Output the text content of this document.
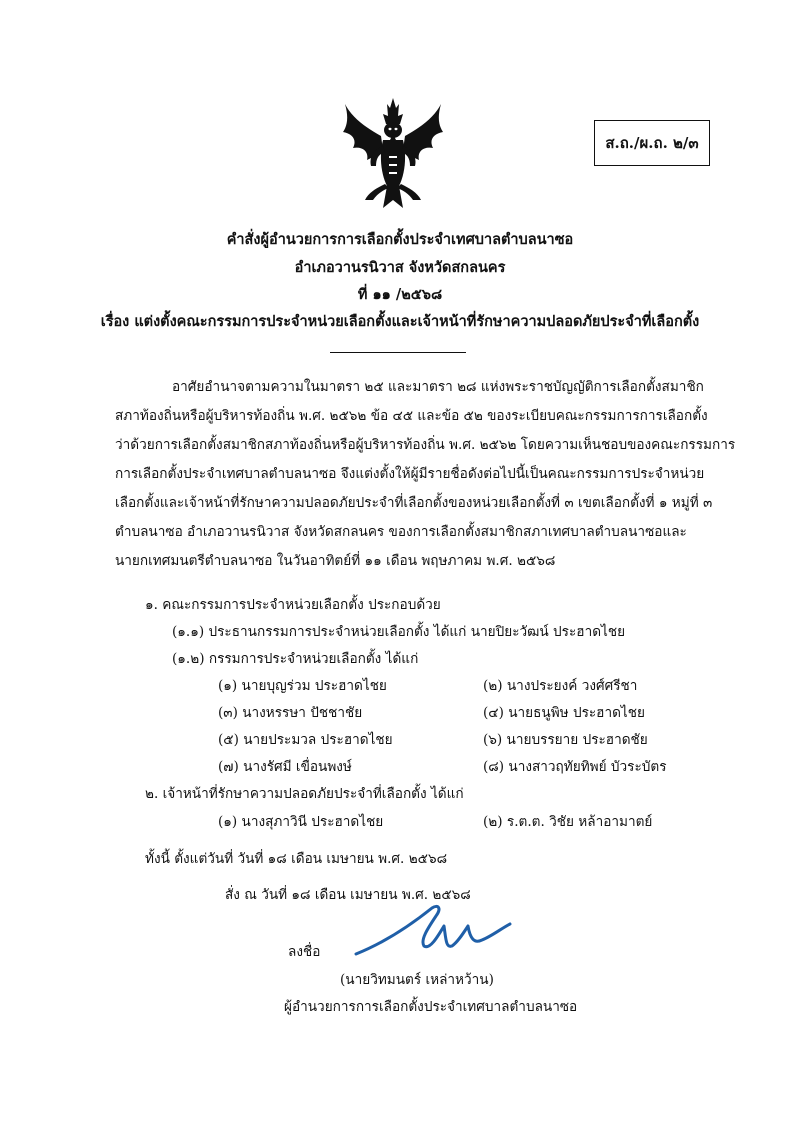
ส.ถ./ผ.ถ. ๒/๓
คำสั่งผู้อำนวยการการเลือกตั้งประจำเทศบาลตำบลนาซอ
อำเภอวานรนิวาส จังหวัดสกลนคร
ที่ ๑๑ /๒๕๖๘
เรื่อง แต่งตั้งคณะกรรมการประจำหน่วยเลือกตั้งและเจ้าหน้าที่รักษาความปลอดภัยประจำที่เลือกตั้ง
อาศัยอำนาจตามความในมาตรา ๒๕ และมาตรา ๒๘ แห่งพระราชบัญญัติการเลือกตั้งสมาชิก
สภาท้องถิ่นหรือผู้บริหารท้องถิ่น พ.ศ. ๒๕๖๒ ข้อ ๔๕ และข้อ ๕๒ ของระเบียบคณะกรรมการการเลือกตั้ง
ว่าด้วยการเลือกตั้งสมาชิกสภาท้องถิ่นหรือผู้บริหารท้องถิ่น พ.ศ. ๒๕๖๒ โดยความเห็นชอบของคณะกรรมการ
การเลือกตั้งประจำเทศบาลตำบลนาซอ จึงแต่งตั้งให้ผู้มีรายชื่อดังต่อไปนี้เป็นคณะกรรมการประจำหน่วย
เลือกตั้งและเจ้าหน้าที่รักษาความปลอดภัยประจำที่เลือกตั้งของหน่วยเลือกตั้งที่ ๓ เขตเลือกตั้งที่ ๑ หมู่ที่ ๓
ตำบลนาซอ อำเภอวานรนิวาส จังหวัดสกลนคร ของการเลือกตั้งสมาชิกสภาเทศบาลตำบลนาซอและ
นายกเทศมนตรีตำบลนาซอ ในวันอาทิตย์ที่ ๑๑ เดือน พฤษภาคม พ.ศ. ๒๕๖๘
๑. คณะกรรมการประจำหน่วยเลือกตั้ง ประกอบด้วย
(๑.๑) ประธานกรรมการประจำหน่วยเลือกตั้ง ได้แก่ นายปิยะวัฒน์ ประฮาดไชย
(๑.๒) กรรมการประจำหน่วยเลือกตั้ง ได้แก่
(๑) นายบุญร่วม ประฮาดไชย	(๒) นางประยงค์ วงศ์ศรีชา
(๓) นางหรรษา ปัชชาชัย	(๔) นายธนูพิษ ประฮาดไชย
(๕) นายประมวล ประฮาดไชย	(๖) นายบรรยาย ประฮาดชัย
(๗) นางรัศมี เขื่อนพงษ์	(๘) นางสาวฤทัยทิพย์ บัวระบัตร
๒. เจ้าหน้าที่รักษาความปลอดภัยประจำที่เลือกตั้ง ได้แก่
(๑) นางสุภาวินี ประฮาดไชย	(๒) ร.ต.ต. วิชัย หล้าอามาตย์
ทั้งนี้ ตั้งแต่วันที่ วันที่ ๑๘ เดือน เมษายน พ.ศ. ๒๕๖๘
สั่ง ณ วันที่ ๑๘ เดือน เมษายน พ.ศ. ๒๕๖๘
ลงชื่อ
(นายวิทมนตร์ เหล่าหว้าน)
ผู้อำนวยการการเลือกตั้งประจำเทศบาลตำบลนาซอ
